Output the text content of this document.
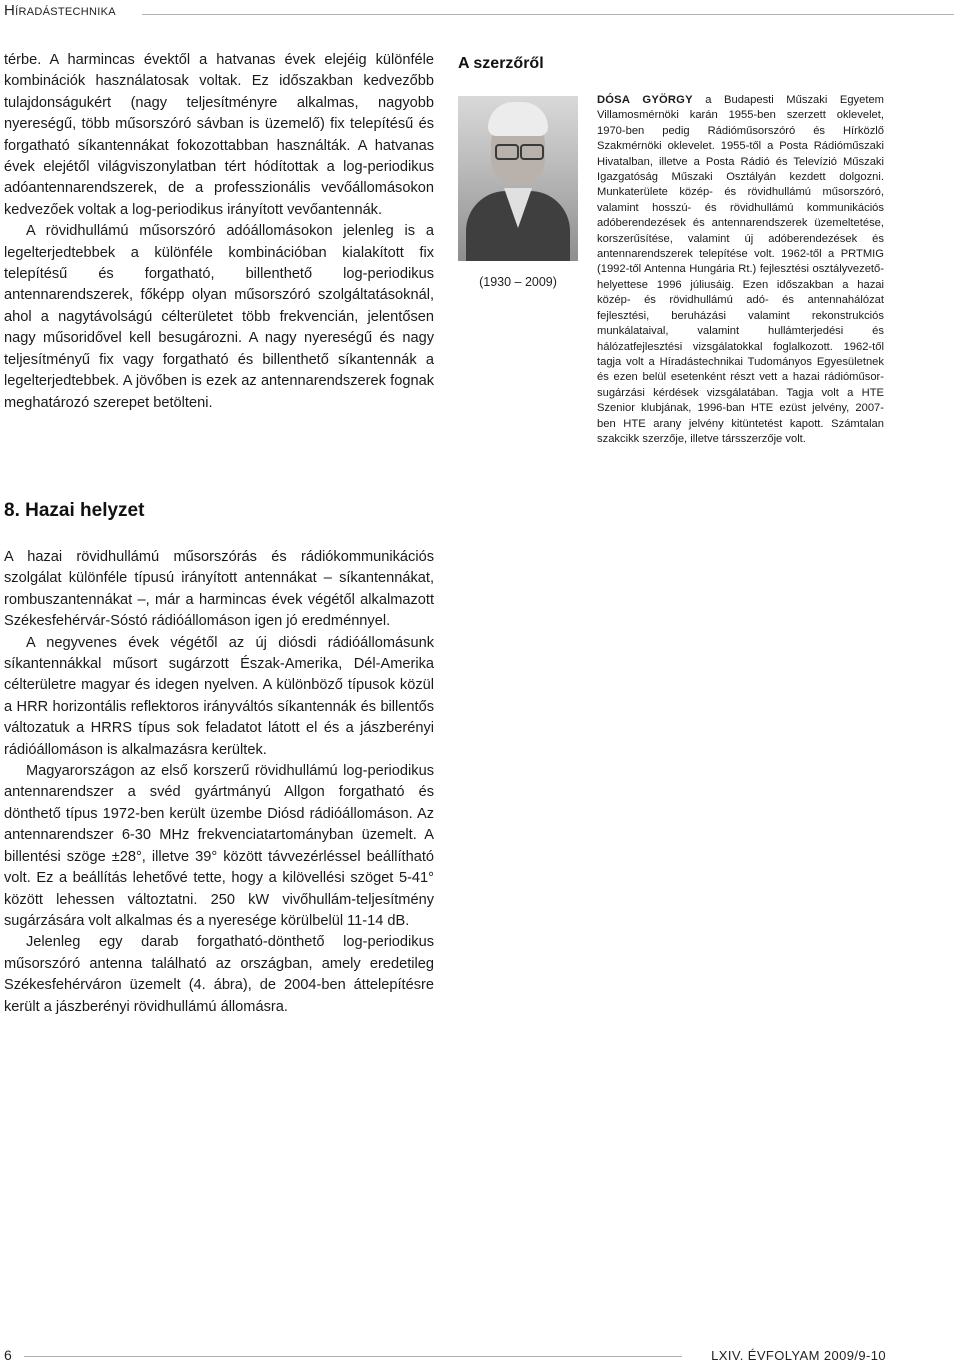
Híradástechnika

térbe. A harmincas évektől a hatvanas évek elejéig különféle kombinációk használatosak voltak. Ez időszakban kedvezőbb tulajdonságukért (nagy teljesítményre alkalmas, nagyobb nyereségű, több műsorszóró sávban is üzemelő) fix telepítésű és forgatható síkantennákat fokozottabban használták. A hatvanas évek elejétől világviszonylatban tért hódítottak a log-periodikus adóantennarendszerek, de a professzionális vevőállomásokon kedvezőek voltak a log-periodikus irányított vevőantennák.

A rövidhullámú műsorszóró adóállomásokon jelenleg is a legelterjedtebbek a különféle kombinációban kialakított fix telepítésű és forgatható, billenthető log-periodikus antennarendszerek, főképp olyan műsorszóró szolgáltatásoknál, ahol a nagytávolságú célterületet több frekvencián, jelentősen nagy műsoridővel kell besugározni. A nagy nyereségű és nagy teljesítményű fix vagy forgatható és billenthető síkantennák a legelterjedtebbek. A jövőben is ezek az antennarendszerek fognak meghatározó szerepet betölteni.

A szerzőről
(1930 – 2009)
DÓSA GYÖRGY a Budapesti Műszaki Egyetem Villamosmérnöki karán 1955-ben szerzett oklevelet, 1970-ben pedig Rádióműsorszóró és Hírközlő Szakmérnöki oklevelet. 1955-től a Posta Rádióműszaki Hivatalban, illetve a Posta Rádió és Televízió Műszaki Igazgatóság Műszaki Osztályán kezdett dolgozni. Munkaterülete közép- és rövidhullámú műsorszóró, valamint hosszú- és rövidhullámú kommunikációs adóberendezések és antennarendszerek üzemeltetése, korszerűsítése, valamint új adóberendezések és antennarendszerek telepítése volt. 1962-től a PRTMIG (1992-től Antenna Hungária Rt.) fejlesztési osztályvezető-helyettese 1996 júliusáig. Ezen időszakban a hazai közép- és rövidhullámú adó- és antennahálózat fejlesztési, beruházási valamint rekonstrukciós munkálataival, valamint hullámterjedési és hálózatfejlesztési vizsgálatokkal foglalkozott. 1962-től tagja volt a Híradástechnikai Tudományos Egyesületnek és ezen belül esetenként részt vett a hazai rádióműsor-sugárzási kérdések vizsgálatában. Tagja volt a HTE Szenior klubjának, 1996-ban HTE ezüst jelvény, 2007-ben HTE arany jelvény kitüntetést kapott. Számtalan szakcikk szerzője, illetve társszerzője volt.
8. Hazai helyzet

A hazai rövidhullámú műsorszórás és rádiókommunikációs szolgálat különféle típusú irányított antennákat – síkantennákat, rombuszantennákat –, már a harmincas évek végétől alkalmazott Székesfehérvár-Sóstó rádióállomáson igen jó eredménnyel.

A negyvenes évek végétől az új diósdi rádióállomásunk síkantennákkal műsort sugárzott Észak-Amerika, Dél-Amerika célterületre magyar és idegen nyelven. A különböző típusok közül a HRR horizontális reflektoros irányváltós síkantennák és billentős változatuk a HRRS típus sok feladatot látott el és a jászberényi rádióállomáson is alkalmazásra kerültek.

Magyarországon az első korszerű rövidhullámú log-periodikus antennarendszer a svéd gyártmányú Allgon forgatható és dönthető típus 1972-ben került üzembe Diósd rádióállomáson. Az antennarendszer 6-30 MHz frekvenciatartományban üzemelt. A billentési szöge ±28°, illetve 39° között távvezérléssel beállítható volt. Ez a beállítás lehetővé tette, hogy a kilövellési szöget 5-41° között lehessen változtatni. 250 kW vivőhullám-teljesítmény sugárzására volt alkalmas és a nyeresége körülbelül 11-14 dB.

Jelenleg egy darab forgatható-dönthető log-periodikus műsorszóró antenna található az országban, amely eredetileg Székesfehérváron üzemelt (4. ábra), de 2004-ben áttelepítésre került a jászberényi rövidhullámú állomásra.

6	LXIV. ÉVFOLYAM 2009/9-10
